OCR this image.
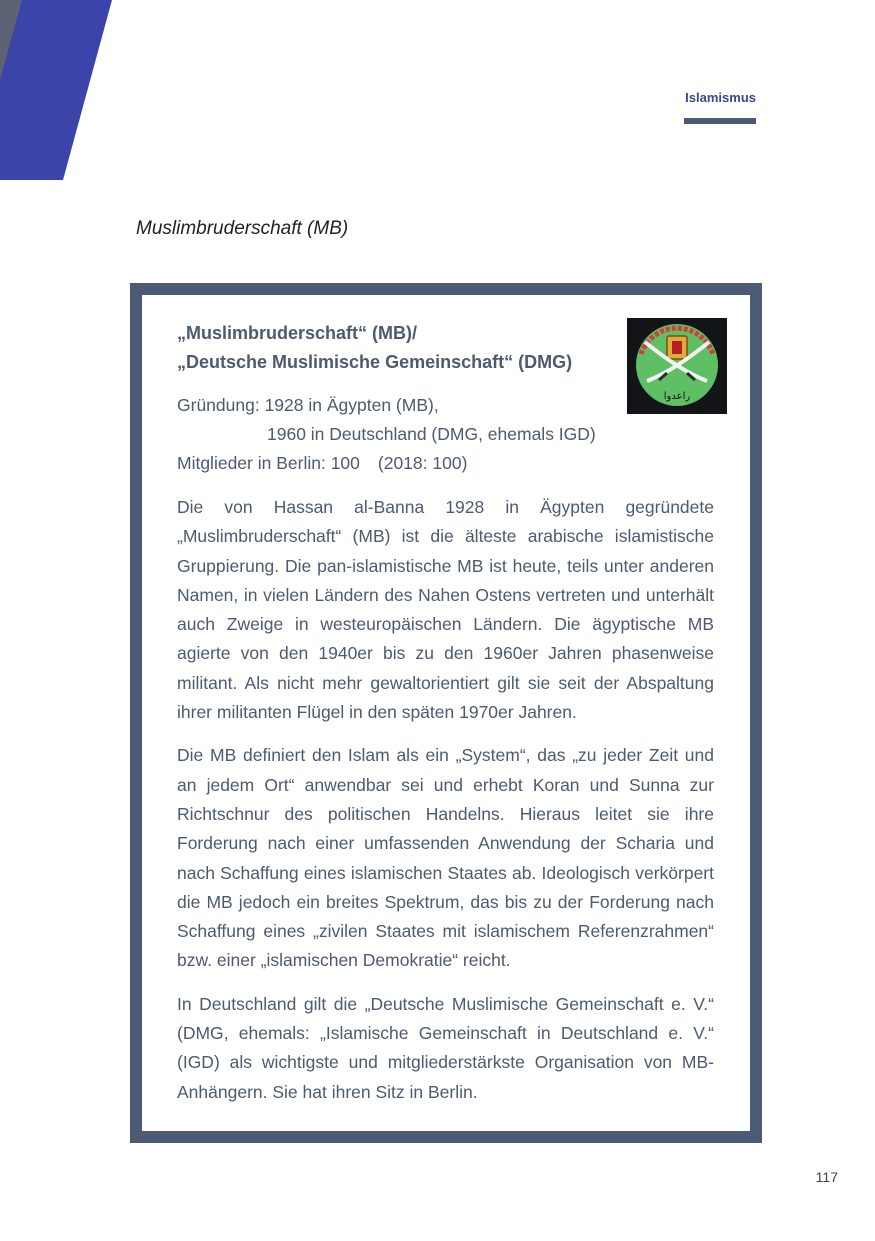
Islamismus
Muslimbruderschaft (MB)
„Muslimbruderschaft“ (MB)/
„Deutsche Muslimische Gemeinschaft“ (DMG)
راعدوا
Gründung: 1928 in Ägypten (MB),
1960 in Deutschland (DMG, ehemals IGD)
Mitglieder in Berlin: 100 (2018: 100)

Die von Hassan al-Banna 1928 in Ägypten gegründete „Muslimbruderschaft“ (MB) ist die älteste arabische islamistische Gruppierung. Die pan-islamistische MB ist heute, teils unter anderen Namen, in vielen Ländern des Nahen Ostens vertreten und unterhält auch Zweige in westeuropäischen Ländern. Die ägyptische MB agierte von den 1940er bis zu den 1960er Jahren phasenweise militant. Als nicht mehr gewaltorientiert gilt sie seit der Abspaltung ihrer militanten Flügel in den späten 1970er Jahren.

Die MB definiert den Islam als ein „System“, das „zu jeder Zeit und an jedem Ort“ anwendbar sei und erhebt Koran und Sunna zur Richtschnur des politischen Handelns. Hieraus leitet sie ihre Forderung nach einer umfassenden Anwendung der Scharia und nach Schaffung eines islamischen Staates ab. Ideologisch verkörpert die MB jedoch ein breites Spektrum, das bis zu der Forderung nach Schaffung eines „zivilen Staates mit islamischem Referenzrahmen“ bzw. einer „islamischen Demokratie“ reicht.

In Deutschland gilt die „Deutsche Muslimische Gemeinschaft e. V.“ (DMG, ehemals: „Islamische Gemeinschaft in Deutschland e. V.“ (IGD) als wichtigste und mitgliederstärkste Organisation von MB-Anhängern. Sie hat ihren Sitz in Berlin.

117
